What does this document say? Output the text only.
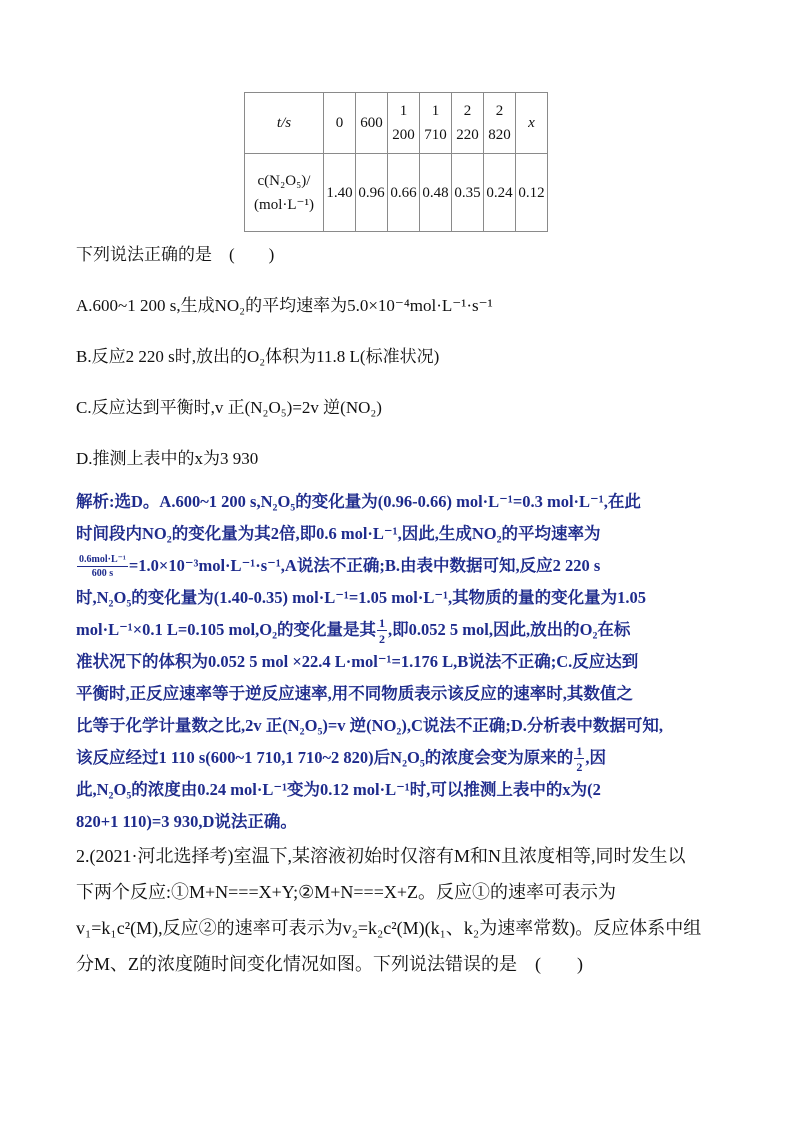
t/s	0	600	1 200	1 710	2 220	2 820	x

c(N₂O₅)/
(mol·L⁻¹)	1.40	0.96	0.66	0.48	0.35	0.24	0.12
下列说法正确的是　(　　)
A.600~1 200 s,生成NO₂的平均速率为5.0×10⁻⁴mol·L⁻¹·s⁻¹
B.反应2 220 s时,放出的O₂体积为11.8 L(标准状况)
C.反应达到平衡时,v 正(N₂O₅)=2v 逆(NO₂)
D.推测上表中的x为3 930
解析:选D。A.600~1 200 s,N₂O₅的变化量为(0.96-0.66) mol·L⁻¹=0.3 mol·L⁻¹,在此
时间段内NO₂的变化量为其2倍,即0.6 mol·L⁻¹,因此,生成NO₂的平均速率为
$\frac{\text{0.6mol·L⁻¹}}{600 s} =1.0\times 10^{-3}mol\cdot L^{-1}\cdot s^{-1},A$说法不正确;B.由表中数据可知,反应2 220 s
时,N₂O₅的变化量为(1.40-0.35) mol·L⁻¹=1.05 mol·L⁻¹,其物质的量的变化量为1.05
mol·L⁻¹×0.1 L=0.105 mol,O₂的变化量是其 $\frac{1}{2}$ ,即0.052 5 mol,因此,放出的O₂在标
准状况下的体积为0.052 5 mol ×22.4 L·mol⁻¹=1.176 L,B说法不正确;C.反应达到
平衡时,正反应速率等于逆反应速率,用不同物质表示该反应的速率时,其数值之
比等于化学计量数之比,2v 正(N₂O₅)=v 逆(NO₂),C说法不正确;D.分析表中数据可知,
该反应经过1 110 s(600~1 710,1 710~2 820)后N₂O₅的浓度会变为原来的 $\frac{1}{2}$ ,因
此,N₂O₅的浓度由0.24 mol·L⁻¹变为0.12 mol·L⁻¹时,可以推测上表中的x为(2
820+1 110)=3 930,D说法正确。
2.(2021·河北选择考)室温下,某溶液初始时仅溶有M和N且浓度相等,同时发生以
下两个反应:①M+N===X+Y;②M+N===X+Z。反应①的速率可表示为
v₁=k₁c²(M),反应②的速率可表示为v₂=k₂c²(M)(k₁、k₂为速率常数)。反应体系中组
分M、Z的浓度随时间变化情况如图。下列说法错误的是　(　　)
